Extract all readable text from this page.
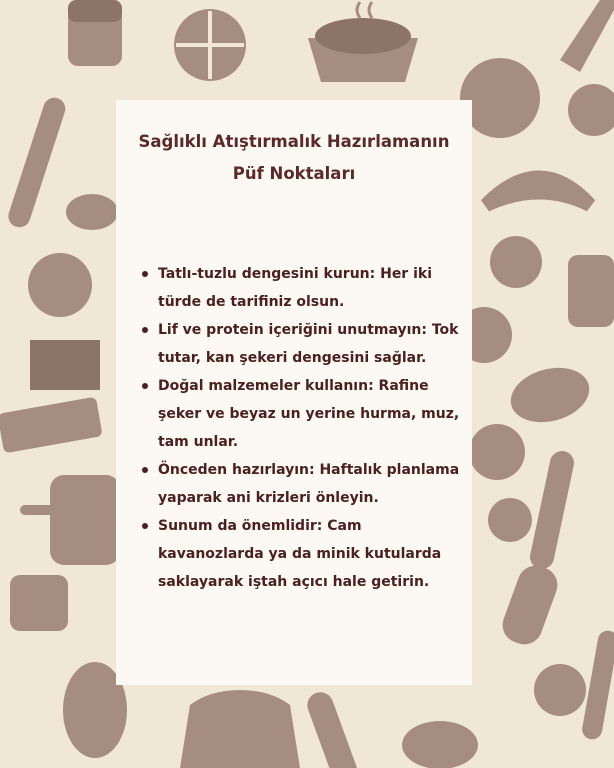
Sağlıklı Atıştırmalık Hazırlamanın Püf Noktaları
Tatlı-tuzlu dengesini kurun: Her iki türde de tarifiniz olsun.
Lif ve protein içeriğini unutmayın: Tok tutar, kan şekeri dengesini sağlar.
Doğal malzemeler kullanın: Rafine şeker ve beyaz un yerine hurma, muz, tam unlar.
Önceden hazırlayın: Haftalık planlama yaparak ani krizleri önleyin.
Sunum da önemlidir: Cam kavanozlarda ya da minik kutularda saklayarak iştah açıcı hale getirin.
